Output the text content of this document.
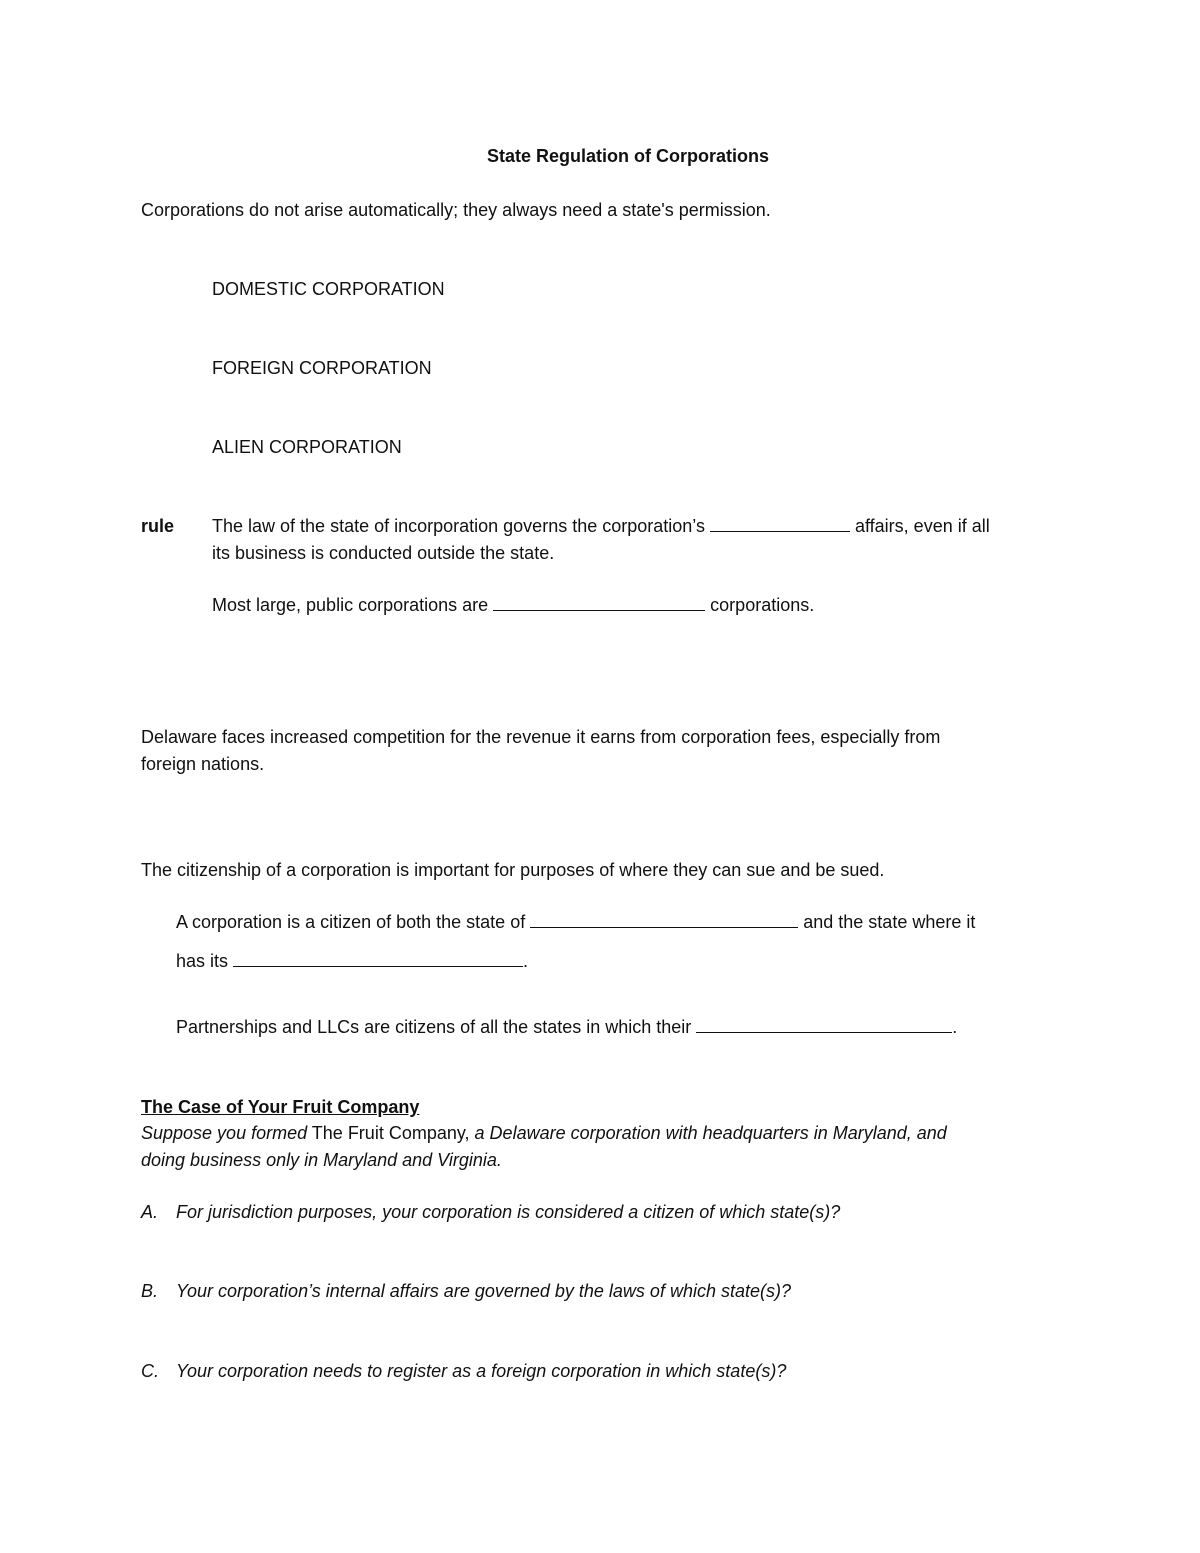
State Regulation of Corporations
Corporations do not arise automatically; they always need a state's permission.
DOMESTIC CORPORATION
FOREIGN CORPORATION
ALIEN CORPORATION
rule The law of the state of incorporation governs the corporation’s	affairs, even if all
its business is conducted outside the state.
Most large, public corporations are	corporations.
Delaware faces increased competition for the revenue it earns from corporation fees, especially from
foreign nations.
The citizenship of a corporation is important for purposes of where they can sue and be sued.
A corporation is a citizen of both the state of	and the state where it
has its	.
Partnerships and LLCs are citizens of all the states in which their	.
The Case of Your Fruit Company
Suppose you formed The Fruit Company, a Delaware corporation with headquarters in Maryland, and
doing business only in Maryland and Virginia.
A. For jurisdiction purposes, your corporation is considered a citizen of which state(s)?
B. Your corporation’s internal affairs are governed by the laws of which state(s)?
C. Your corporation needs to register as a foreign corporation in which state(s)?
